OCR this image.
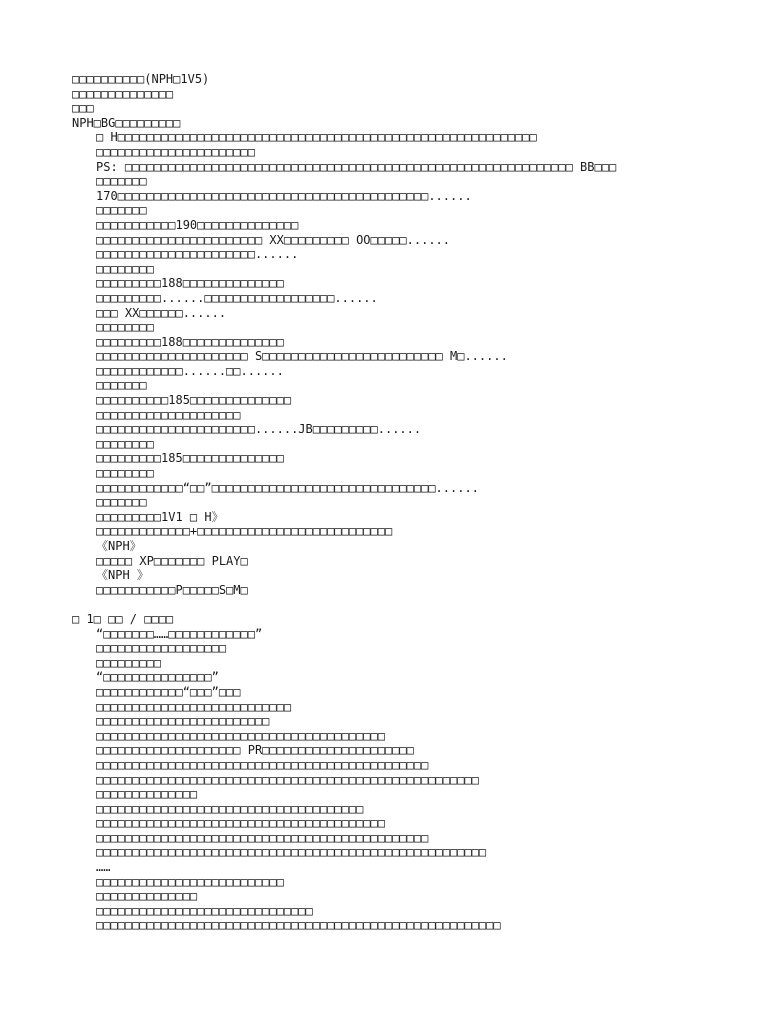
□□□□□□□□□□(NPH□1V5)
□□□□□□□□□□□□□□
□□□
NPH□BG□□□□□□□□□
□ H□□□□□□□□□□□□□□□□□□□□□□□□□□□□□□□□□□□□□□□□□□□□□□□□□□□□□□□□□□
□□□□□□□□□□□□□□□□□□□□□□
PS: □□□□□□□□□□□□□□□□□□□□□□□□□□□□□□□□□□□□□□□□□□□□□□□□□□□□□□□□□□□□□□ BB□□□
□□□□□□□
170□□□□□□□□□□□□□□□□□□□□□□□□□□□□□□□□□□□□□□□□□□□......
□□□□□□□
□□□□□□□□□□□190□□□□□□□□□□□□□□
□□□□□□□□□□□□□□□□□□□□□□□ XX□□□□□□□□□ OO□□□□□......
□□□□□□□□□□□□□□□□□□□□□□......
□□□□□□□□
□□□□□□□□□188□□□□□□□□□□□□□□
□□□□□□□□□......□□□□□□□□□□□□□□□□□□......
□□□ XX□□□□□□......
□□□□□□□□
□□□□□□□□□188□□□□□□□□□□□□□□
□□□□□□□□□□□□□□□□□□□□□ S□□□□□□□□□□□□□□□□□□□□□□□□□ M□......
□□□□□□□□□□□□......□□......
□□□□□□□
□□□□□□□□□□185□□□□□□□□□□□□□□
□□□□□□□□□□□□□□□□□□□□
□□□□□□□□□□□□□□□□□□□□□□......JB□□□□□□□□□......
□□□□□□□□
□□□□□□□□□185□□□□□□□□□□□□□□
□□□□□□□□
□□□□□□□□□□□□“□□”□□□□□□□□□□□□□□□□□□□□□□□□□□□□□□□......
□□□□□□□
□□□□□□□□□1V1 □ H》
□□□□□□□□□□□□□+□□□□□□□□□□□□□□□□□□□□□□□□□□□
《NPH》
□□□□□ XP□□□□□□□ PLAY□
《NPH 》
□□□□□□□□□□□P□□□□□S□M□
□ 1□ □□ / □□□□
“□□□□□□□……□□□□□□□□□□□□”
□□□□□□□□□□□□□□□□□□
□□□□□□□□□
“□□□□□□□□□□□□□□□”
□□□□□□□□□□□□“□□□”□□□
□□□□□□□□□□□□□□□□□□□□□□□□□□□
□□□□□□□□□□□□□□□□□□□□□□□□
□□□□□□□□□□□□□□□□□□□□□□□□□□□□□□□□□□□□□□□□
□□□□□□□□□□□□□□□□□□□□ PR□□□□□□□□□□□□□□□□□□□□□
□□□□□□□□□□□□□□□□□□□□□□□□□□□□□□□□□□□□□□□□□□□□□□
□□□□□□□□□□□□□□□□□□□□□□□□□□□□□□□□□□□□□□□□□□□□□□□□□□□□□
□□□□□□□□□□□□□□
□□□□□□□□□□□□□□□□□□□□□□□□□□□□□□□□□□□□□
□□□□□□□□□□□□□□□□□□□□□□□□□□□□□□□□□□□□□□□□
□□□□□□□□□□□□□□□□□□□□□□□□□□□□□□□□□□□□□□□□□□□□□□
□□□□□□□□□□□□□□□□□□□□□□□□□□□□□□□□□□□□□□□□□□□□□□□□□□□□□□
……
□□□□□□□□□□□□□□□□□□□□□□□□□□
□□□□□□□□□□□□□□
□□□□□□□□□□□□□□□□□□□□□□□□□□□□□□
□□□□□□□□□□□□□□□□□□□□□□□□□□□□□□□□□□□□□□□□□□□□□□□□□□□□□□□□
